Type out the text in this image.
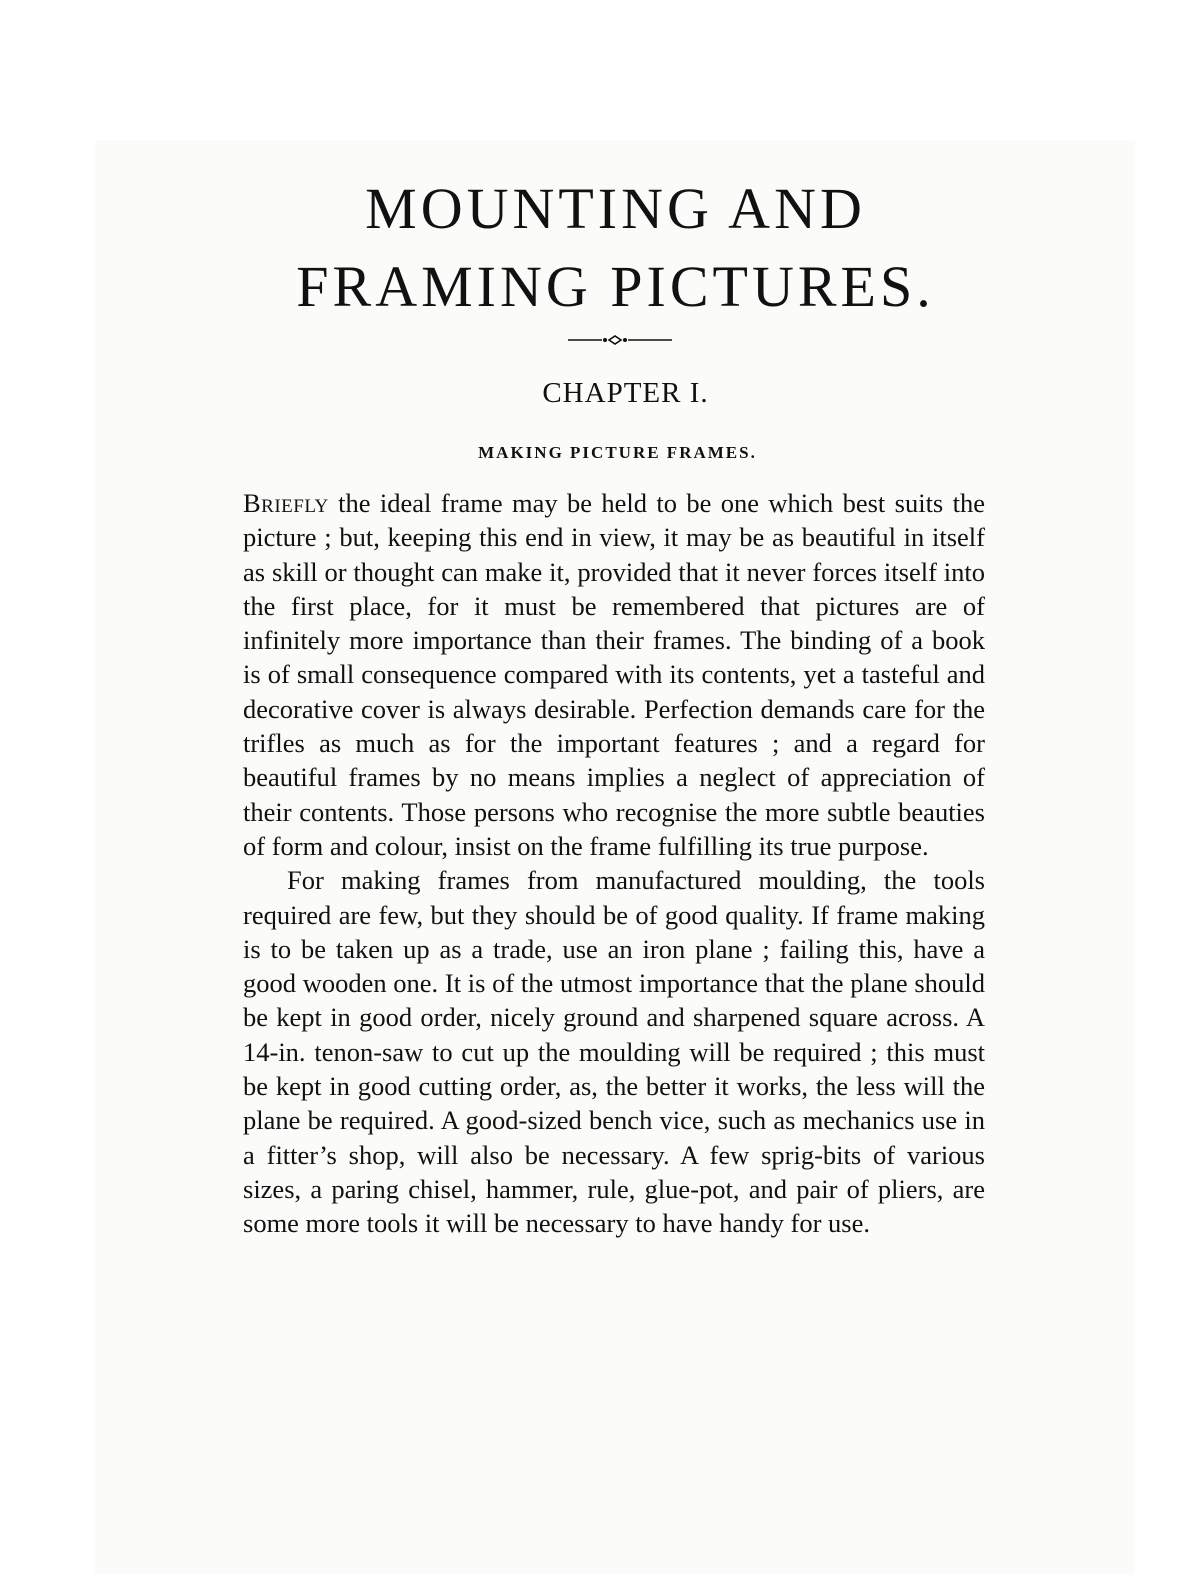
MOUNTING AND
FRAMING PICTURES.
CHAPTER I.
MAKING PICTURE FRAMES.

Briefly the ideal frame may be held to be one which best suits the picture ; but, keeping this end in view, it may be as beautiful in itself as skill or thought can make it, provided that it never forces itself into the first place, for it must be remembered that pictures are of infinitely more importance than their frames. The binding of a book is of small consequence compared with its contents, yet a tasteful and decorative cover is always desirable. Perfection demands care for the trifles as much as for the important features ; and a regard for beautiful frames by no means implies a neglect of appreciation of their contents. Those persons who recognise the more subtle beauties of form and colour, insist on the frame fulfilling its true purpose.

For making frames from manufactured moulding, the tools required are few, but they should be of good quality. If frame making is to be taken up as a trade, use an iron plane ; failing this, have a good wooden one. It is of the utmost importance that the plane should be kept in good order, nicely ground and sharpened square across. A 14-in. tenon-saw to cut up the moulding will be required ; this must be kept in good cutting order, as, the better it works, the less will the plane be required. A good-sized bench vice, such as mechanics use in a fitter’s shop, will also be necessary. A few sprig-bits of various sizes, a paring chisel, hammer, rule, glue-pot, and pair of pliers, are some more tools it will be necessary to have handy for use.
